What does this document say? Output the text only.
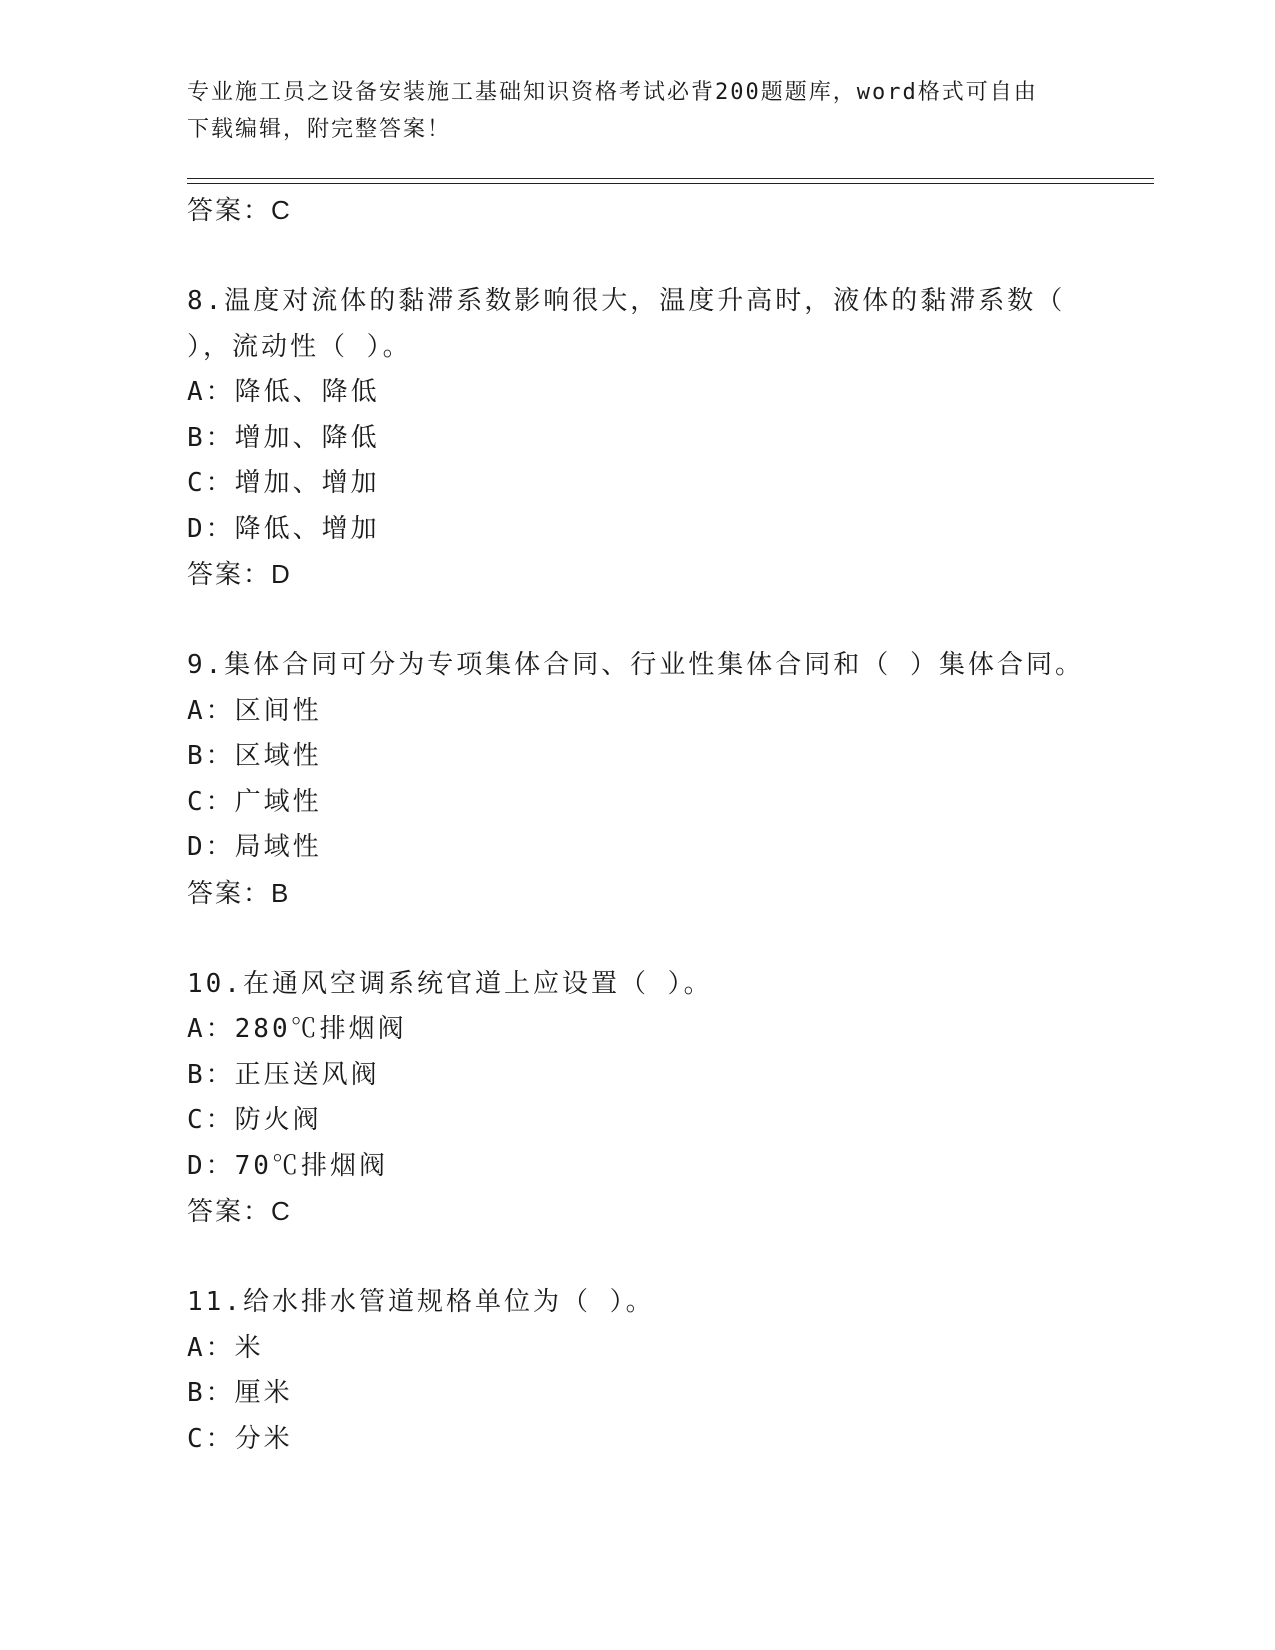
专业施工员之设备安装施工基础知识资格考试必背200题题库，word格式可自由
下载编辑，附完整答案！
答案：C
8.温度对流体的黏滞系数影响很大，温度升高时，液体的黏滞系数（
），流动性（ ）。
A：降低、降低
B：增加、降低
C：增加、增加
D：降低、增加
答案：D
9.集体合同可分为专项集体合同、行业性集体合同和（ ）集体合同。
A：区间性
B：区域性
C：广域性
D：局域性
答案：B
10.在通风空调系统官道上应设置（ ）。
A：280℃排烟阀
B：正压送风阀
C：防火阀
D：70℃排烟阀
答案：C
11.给水排水管道规格单位为（ ）。
A：米
B：厘米
C：分米
